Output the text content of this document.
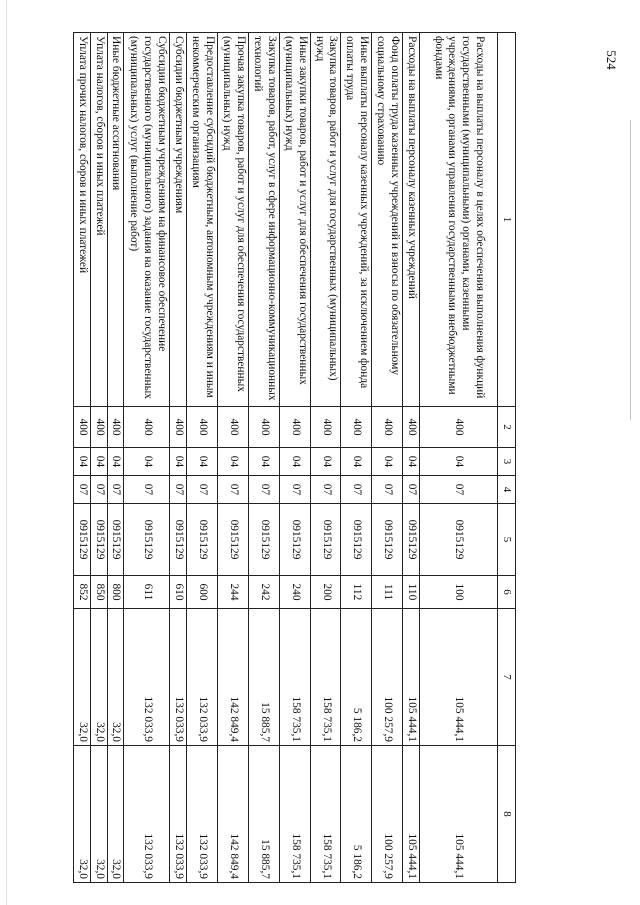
524
1	2	3	4	5	6	7	8
Расходы на выплаты персоналу в целях обеспечения выполнения функций государственными (муниципальными) органами, казенными учреждениями, органами управления государственными внебюджетными фондами	400	04	07	0915129	100	105 444,1	105 444,1
Расходы на выплаты персоналу казенных учреждений	400	04	07	0915129	110	105 444,1	105 444,1
Фонд оплаты труда казенных учреждений и взносы по обязательному социальному страхованию	400	04	07	0915129	111	100 257,9	100 257,9
Иные выплаты персоналу казенных учреждений, за исключением фонда оплаты труда	400	04	07	0915129	112	5 186,2	5 186,2
Закупка товаров, работ и услуг для государственных (муниципальных) нужд	400	04	07	0915129	200	158 735,1	158 735,1
Иные закупки товаров, работ и услуг для обеспечения государственных (муниципальных) нужд	400	04	07	0915129	240	158 735,1	158 735,1
Закупка товаров, работ, услуг в сфере информационно-коммуникационных технологий	400	04	07	0915129	242	15 885,7	15 885,7
Прочая закупка товаров, работ и услуг для обеспечения государственных (муниципальных) нужд	400	04	07	0915129	244	142 849,4	142 849,4
Предоставление субсидий бюджетным, автономным учреждениям и иным некоммерческим организациям	400	04	07	0915129	600	132 033,9	132 033,9
Субсидии бюджетным учреждениям	400	04	07	0915129	610	132 033,9	132 033,9
Субсидии бюджетным учреждениям на финансовое обеспечение государственного (муниципального) задания на оказание государственных (муниципальных) услуг (выполнение работ)	400	04	07	0915129	611	132 033,9	132 033,9
Иные бюджетные ассигнования	400	04	07	0915129	800	32,0	32,0
Уплата налогов, сборов и иных платежей	400	04	07	0915129	850	32,0	32,0
Уплата прочих налогов, сборов и иных платежей	400	04	07	0915129	852	32,0	32,0
